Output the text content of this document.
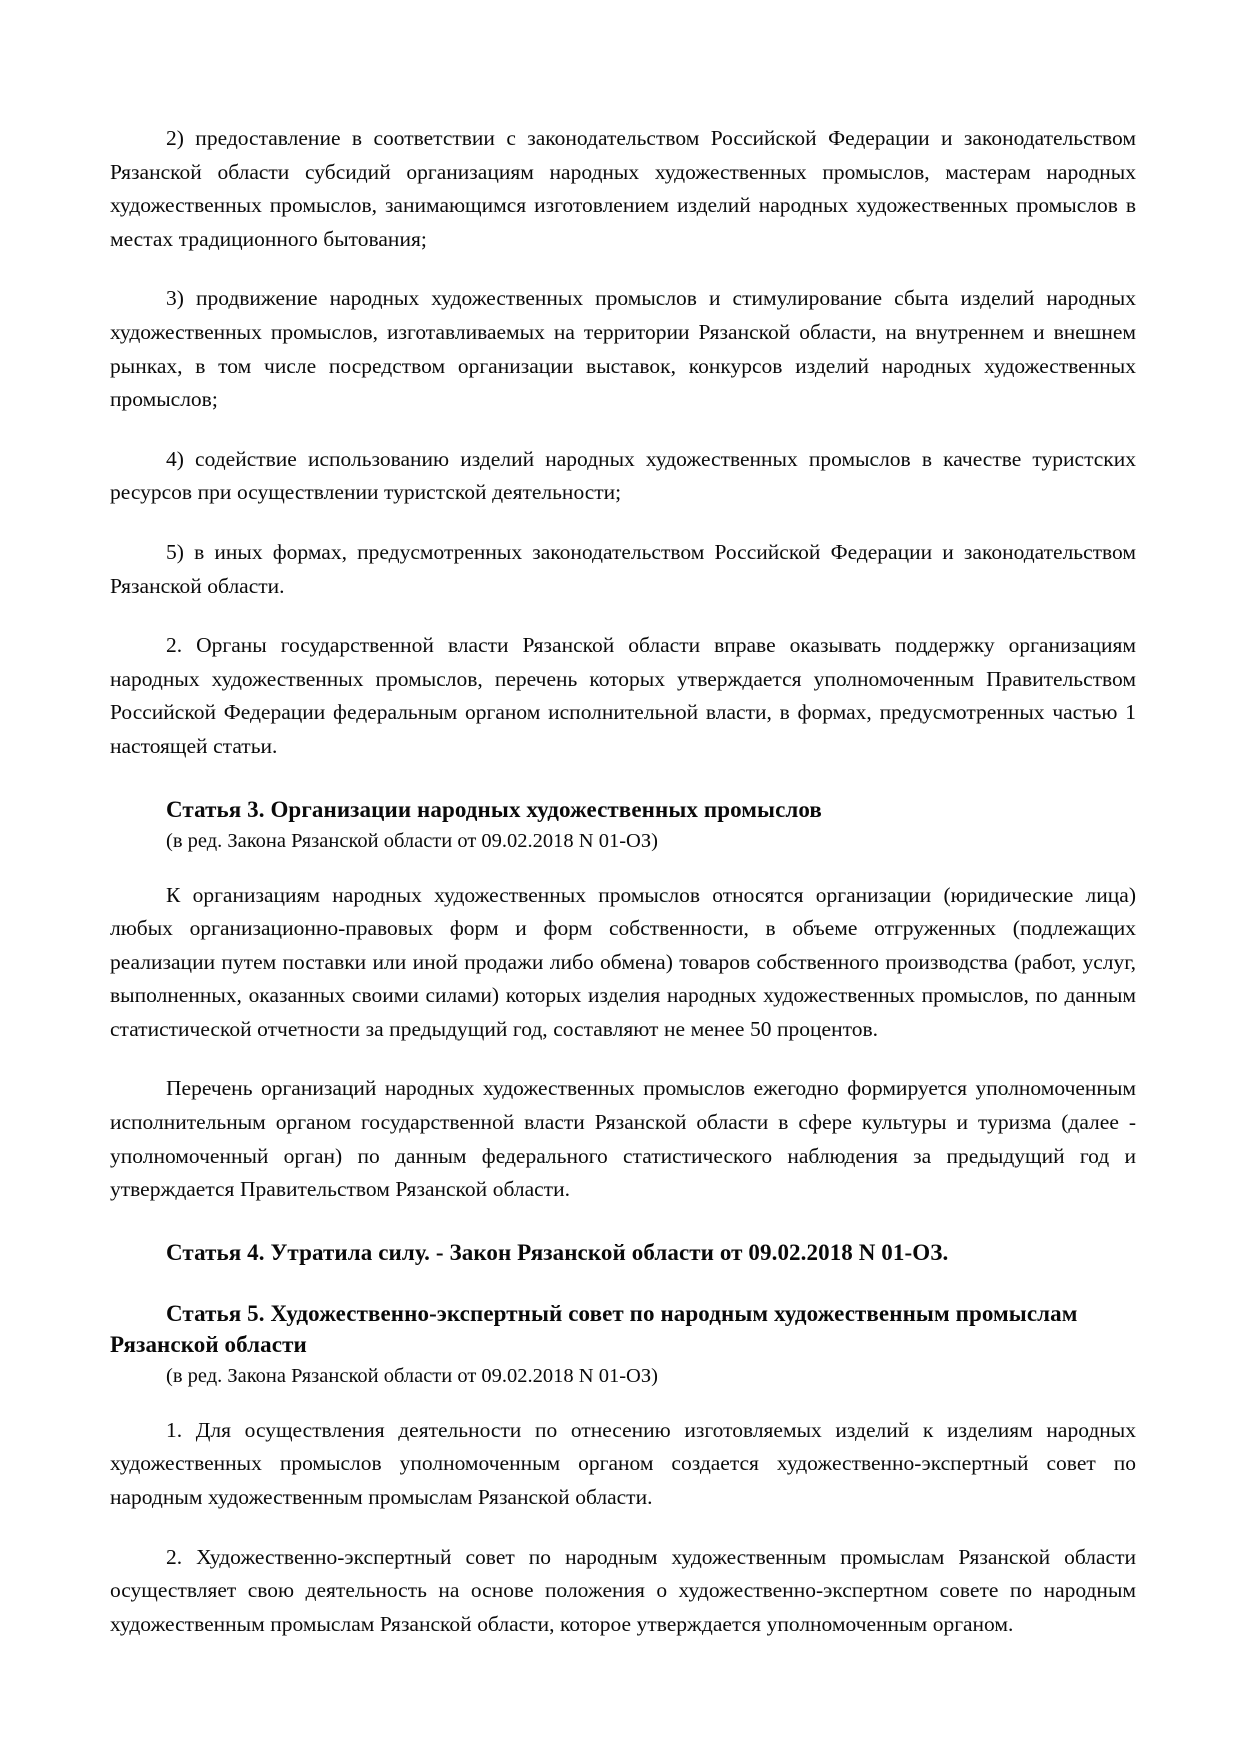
2) предоставление в соответствии с законодательством Российской Федерации и законодательством Рязанской области субсидий организациям народных художественных промыслов, мастерам народных художественных промыслов, занимающимся изготовлением изделий народных художественных промыслов в местах традиционного бытования;

3) продвижение народных художественных промыслов и стимулирование сбыта изделий народных художественных промыслов, изготавливаемых на территории Рязанской области, на внутреннем и внешнем рынках, в том числе посредством организации выставок, конкурсов изделий народных художественных промыслов;

4) содействие использованию изделий народных художественных промыслов в качестве туристских ресурсов при осуществлении туристской деятельности;

5) в иных формах, предусмотренных законодательством Российской Федерации и законодательством Рязанской области.

2. Органы государственной власти Рязанской области вправе оказывать поддержку организациям народных художественных промыслов, перечень которых утверждается уполномоченным Правительством Российской Федерации федеральным органом исполнительной власти, в формах, предусмотренных частью 1 настоящей статьи.

Статья 3. Организации народных художественных промыслов
(в ред. Закона Рязанской области от 09.02.2018 N 01-ОЗ)

К организациям народных художественных промыслов относятся организации (юридические лица) любых организационно-правовых форм и форм собственности, в объеме отгруженных (подлежащих реализации путем поставки или иной продажи либо обмена) товаров собственного производства (работ, услуг, выполненных, оказанных своими силами) которых изделия народных художественных промыслов, по данным статистической отчетности за предыдущий год, составляют не менее 50 процентов.

Перечень организаций народных художественных промыслов ежегодно формируется уполномоченным исполнительным органом государственной власти Рязанской области в сфере культуры и туризма (далее - уполномоченный орган) по данным федерального статистического наблюдения за предыдущий год и утверждается Правительством Рязанской области.

Статья 4. Утратила силу. - Закон Рязанской области от 09.02.2018 N 01-ОЗ.
Статья 5. Художественно-экспертный совет по народным художественным промыслам Рязанской области
(в ред. Закона Рязанской области от 09.02.2018 N 01-ОЗ)

1. Для осуществления деятельности по отнесению изготовляемых изделий к изделиям народных художественных промыслов уполномоченным органом создается художественно-экспертный совет по народным художественным промыслам Рязанской области.

2. Художественно-экспертный совет по народным художественным промыслам Рязанской области осуществляет свою деятельность на основе положения о художественно-экспертном совете по народным художественным промыслам Рязанской области, которое утверждается уполномоченным органом.
